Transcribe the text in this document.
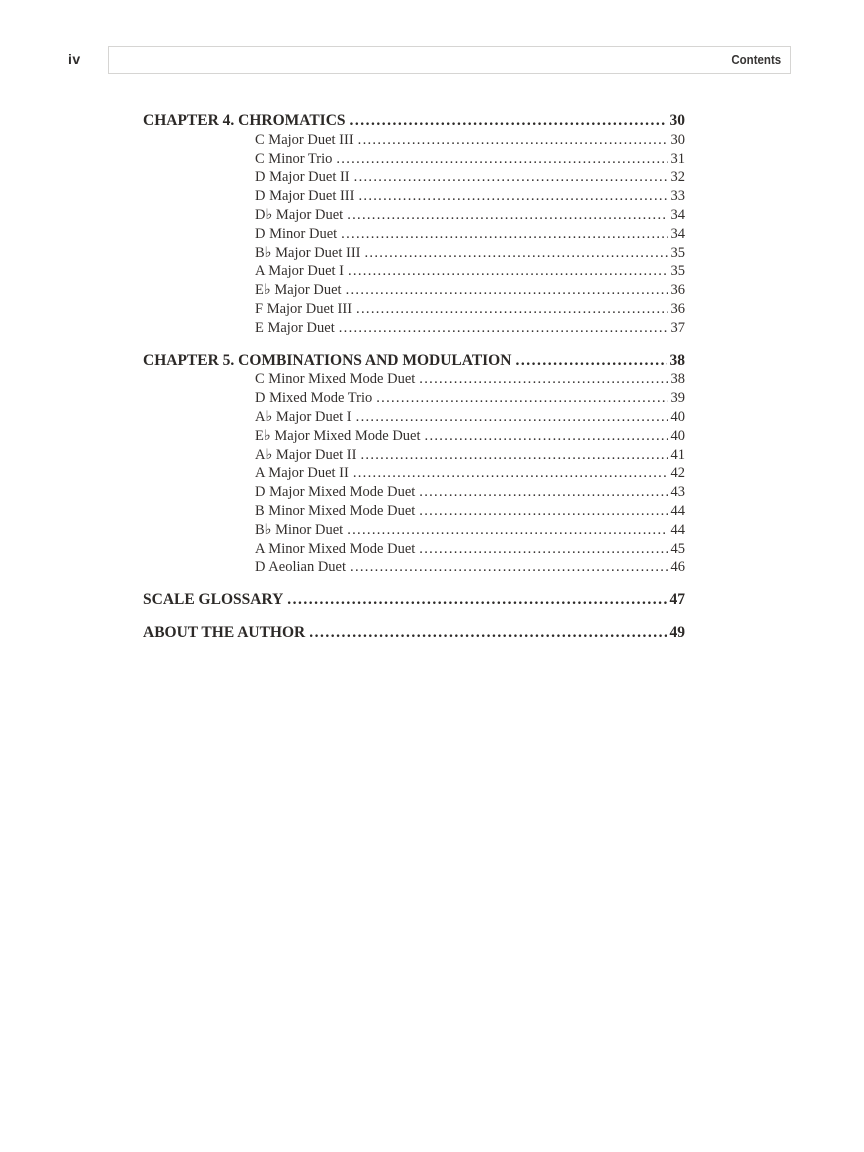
iv	Contents
CHAPTER 4. CHROMATICS .....	30
C Major Duet III .....	30
C Minor Trio .....	31
D Major Duet II .....	32
D Major Duet III .....	33
D♭ Major Duet .....	34
D Minor Duet .....	34
B♭ Major Duet III .....	35
A Major Duet I .....	35
E♭ Major Duet .....	36
F Major Duet III .....	36
E Major Duet .....	37
CHAPTER 5. COMBINATIONS AND MODULATION .....	38
C Minor Mixed Mode Duet .....	38
D Mixed Mode Trio .....	39
A♭ Major Duet I .....	40
E♭ Major Mixed Mode Duet .....	40
A♭ Major Duet II .....	41
A Major Duet II .....	42
D Major Mixed Mode Duet .....	43
B Minor Mixed Mode Duet .....	44
B♭ Minor Duet .....	44
A Minor Mixed Mode Duet .....	45
D Aeolian Duet .....	46
SCALE GLOSSARY .....	47
ABOUT THE AUTHOR .....	49
